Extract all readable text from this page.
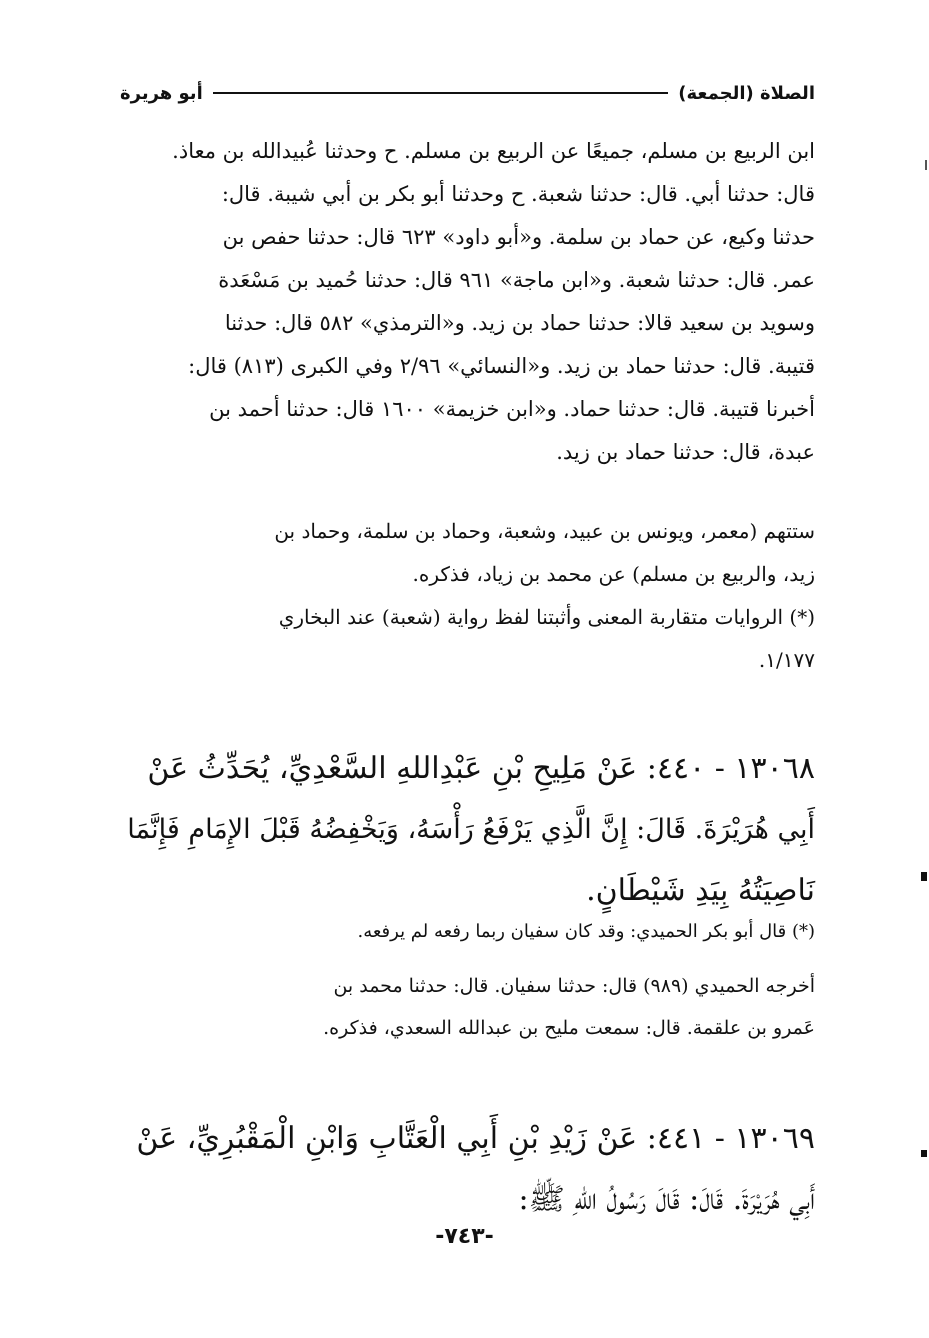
الصلاة (الجمعة)
أبو هريرة
ابن الربيع بن مسلم، جميعًا عن الربيع بن مسلم. ح وحدثنا عُبيدالله بن معاذ.
قال: حدثنا أبي. قال: حدثنا شعبة. ح وحدثنا أبو بكر بن أبي شيبة. قال:
حدثنا وكيع، عن حماد بن سلمة. و«أبو داود» ٦٢٣ قال: حدثنا حفص بن
عمر. قال: حدثنا شعبة. و«ابن ماجة» ٩٦١ قال: حدثنا حُميد بن مَسْعَدة
وسويد بن سعيد قالا: حدثنا حماد بن زيد. و«الترمذي» ٥٨٢ قال: حدثنا
قتيبة. قال: حدثنا حماد بن زيد. و«النسائي» ٢/٩٦ وفي الكبرى (٨١٣) قال:
أخبرنا قتيبة. قال: حدثنا حماد. و«ابن خزيمة» ١٦٠٠ قال: حدثنا أحمد بن
عبدة، قال: حدثنا حماد بن زيد.
ستتهم (معمر، ويونس بن عبيد، وشعبة، وحماد بن سلمة، وحماد بن
زيد، والربيع بن مسلم) عن محمد بن زياد، فذكره.
(*) الروايات متقاربة المعنى وأثبتنا لفظ رواية (شعبة) عند البخاري
١/١٧٧.
١٣٠٦٨ - ٤٤٠: عَنْ مَلِيحِ بْنِ عَبْدِاللهِ السَّعْدِيِّ، يُحَدِّثُ عَنْ
أَبِي هُرَيْرَةَ. قَالَ: إِنَّ الَّذِي يَرْفَعُ رَأْسَهُ، وَيَخْفِضُهُ قَبْلَ الإِمَامِ فَإِنَّمَا
نَاصِيَتُهُ بِيَدِ شَيْطَانٍ.
(*) قال أبو بكر الحميدي: وقد كان سفيان ربما رفعه لم يرفعه.
أخرجه الحميدي (٩٨٩) قال: حدثنا سفيان. قال: حدثنا محمد بن
عَمرو بن علقمة. قال: سمعت مليح بن عبدالله السعدي، فذكره.
١٣٠٦٩ - ٤٤١: عَنْ زَيْدِ بْنِ أَبِي الْعَتَّابِ وَابْنِ الْمَقْبُرِيِّ، عَنْ
أَبِي هُرَيْرَةَ. قَالَ: قَالَ رَسُولُ اللهِ ﷺ:
-٧٤٣-
